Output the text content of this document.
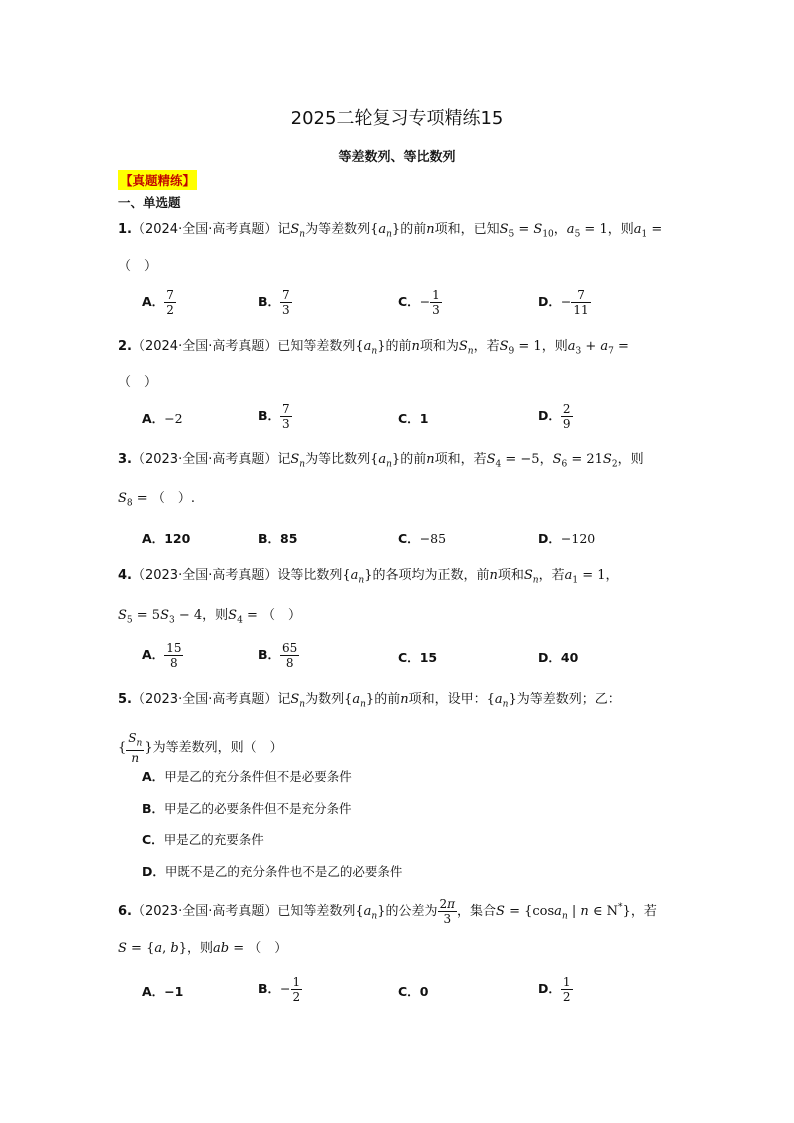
2025二轮复习专项精练15
等差数列、等比数列
【真题精练】
一、单选题
1.（2024·全国·高考真题）记$S_n$为等差数列$\{a_n\}$的前n项和，已知$S_5 = S_{10}$，$a_5 = 1$，则$a_1$ =
（　）
A． $\frac{7}{2}$	B． $\frac{7}{3}$	C．− $\frac{1}{3}$	D．− $\frac{7}{11}$
2.（2024·全国·高考真题）已知等差数列$\{a_n\}$的前n项和为$S_n$，若$S_9 = 1$，则$a_3 + a_7$ =
（　）
A．−2	B． $\frac{7}{3}$	C．1	D． $\frac{2}{9}$
3.（2023·全国·高考真题）记$S_n$为等比数列$\{a_n\}$的前n项和，若$S_4 = -5$，$S_6 = 21S_2$，则
$S_8$ = （　）.
A．120	B．85	C．−85	D．−120
4.（2023·全国·高考真题）设等比数列$\{a_n\}$的各项均为正数，前n项和$S_n$，若$a_1 = 1$，
$S_5 = 5S_3 - 4$，则$S_4$ = （　）
A． $\frac{15}{8}$	B． $\frac{65}{8}$	C．15	D．40
5.（2023·全国·高考真题）记$S_n$为数列$\{a_n\}$的前n项和，设甲：$\{a_n\}$为等差数列；乙：
{ $\frac{S_n}{n}$ }为等差数列，则（　）
A．甲是乙的充分条件但不是必要条件
B．甲是乙的必要条件但不是充分条件
C．甲是乙的充要条件
D．甲既不是乙的充分条件也不是乙的必要条件
6.（2023·全国·高考真题）已知等差数列$\{a_n\}$的公差为 $\frac{2\pi}{3}$ ，集合S = {cosa$_n$ | n ∈ N*}，若
S = {a, b}，则ab = （　）
A．−1	B．− $\frac{1}{2}$	C．0	D． $\frac{1}{2}$
